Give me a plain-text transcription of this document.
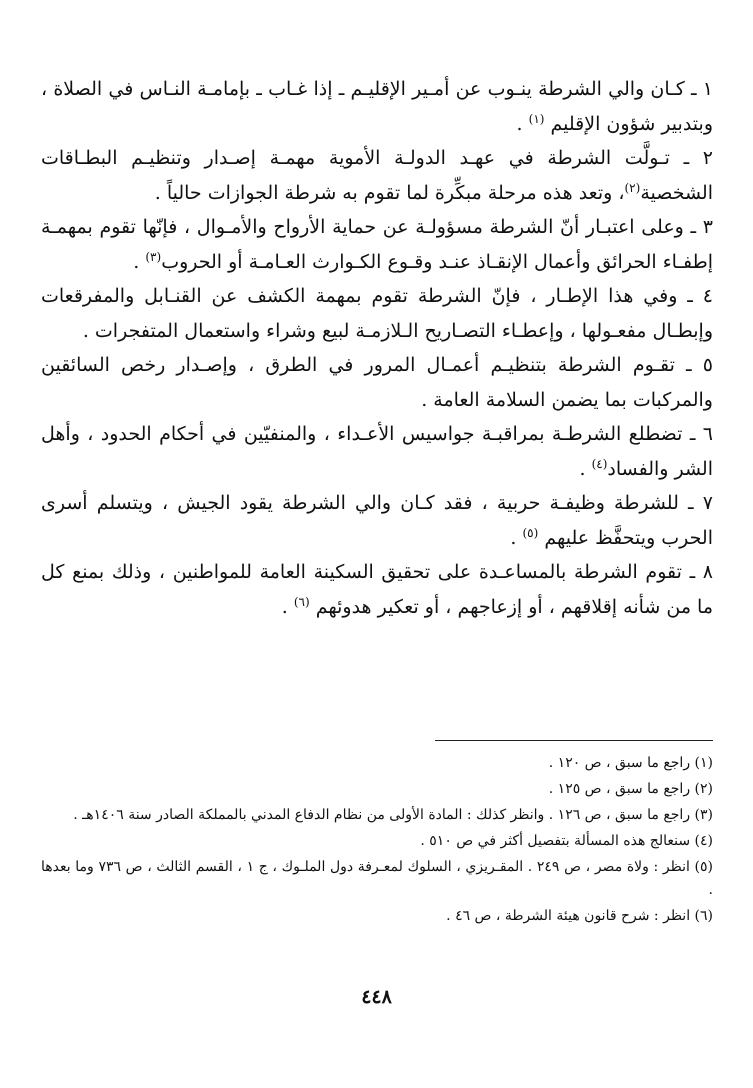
١ ـ كـان والي الشرطة ينـوب عن أمـير الإقليـم ـ إذا غـاب ـ بإمامـة النـاس في الصلاة ، وبتدبير شؤون الإقليم $^{(١)}$ .

٢ ـ تـولَّت الشرطة في عهـد الدولـة الأموية مهمـة إصـدار وتنظيـم البطـاقات الشخصية$^{(٢)}$، وتعد هذه مرحلة مبكِّرة لما تقوم به شرطة الجوازات حالياً .

٣ ـ وعلى اعتبـار أنّ الشرطة مسؤولـة عن حماية الأرواح والأمـوال ، فإنّها تقوم بمهمـة إطفـاء الحرائق وأعمال الإنقـاذ عنـد وقـوع الكـوارث العـامـة أو الحروب$^{(٣)}$ .

٤ ـ وفي هذا الإطـار ، فإنّ الشرطة تقوم بمهمة الكشف عن القنـابل والمفرقعات وإبطـال مفعـولها ، وإعطـاء التصـاريح الـلازمـة لبيع وشراء واستعمال المتفجرات .

٥ ـ تقـوم الشرطة بتنظيـم أعمـال المرور في الطرق ، وإصـدار رخص السائقين والمركبات بما يضمن السلامة العامة .

٦ ـ تضطلع الشرطـة بمراقبـة جواسيس الأعـداء ، والمنفيّين في أحكام الحدود ، وأهل الشر والفساد$^{(٤)}$ .

٧ ـ للشرطة وظيفـة حربية ، فقد كـان والي الشرطة يقود الجيش ، ويتسلم أسرى الحرب ويتحفَّظ عليهم $^{(٥)}$ .

٨ ـ تقوم الشرطة بالمساعـدة على تحقيق السكينة العامة للمواطنين ، وذلك بمنع كل ما من شأنه إقلاقهم ، أو إزعاجهم ، أو تعكير هدوئهم $^{(٦)}$ .

(١) راجع ما سبق ، ص ١٢٠ .

(٢) راجع ما سبق ، ص ١٢٥ .

(٣) راجع ما سبق ، ص ١٢٦ . وانظر كذلك : المادة الأولى من نظام الدفاع المدني بالمملكة الصادر سنة ١٤٠٦هـ .

(٤) سنعالج هذه المسألة بتفصيل أكثر في ص ٥١٠ .

(٥) انظر : ولاة مصر ، ص ٢٤٩ . المقـريزي ، السلوك لمعـرفة دول الملـوك ، ج ١ ، القسم الثالث ، ص ٧٣٦ وما بعدها .

(٦) انظر : شرح قانون هيئة الشرطة ، ص ٤٦ .

٤٤٨
